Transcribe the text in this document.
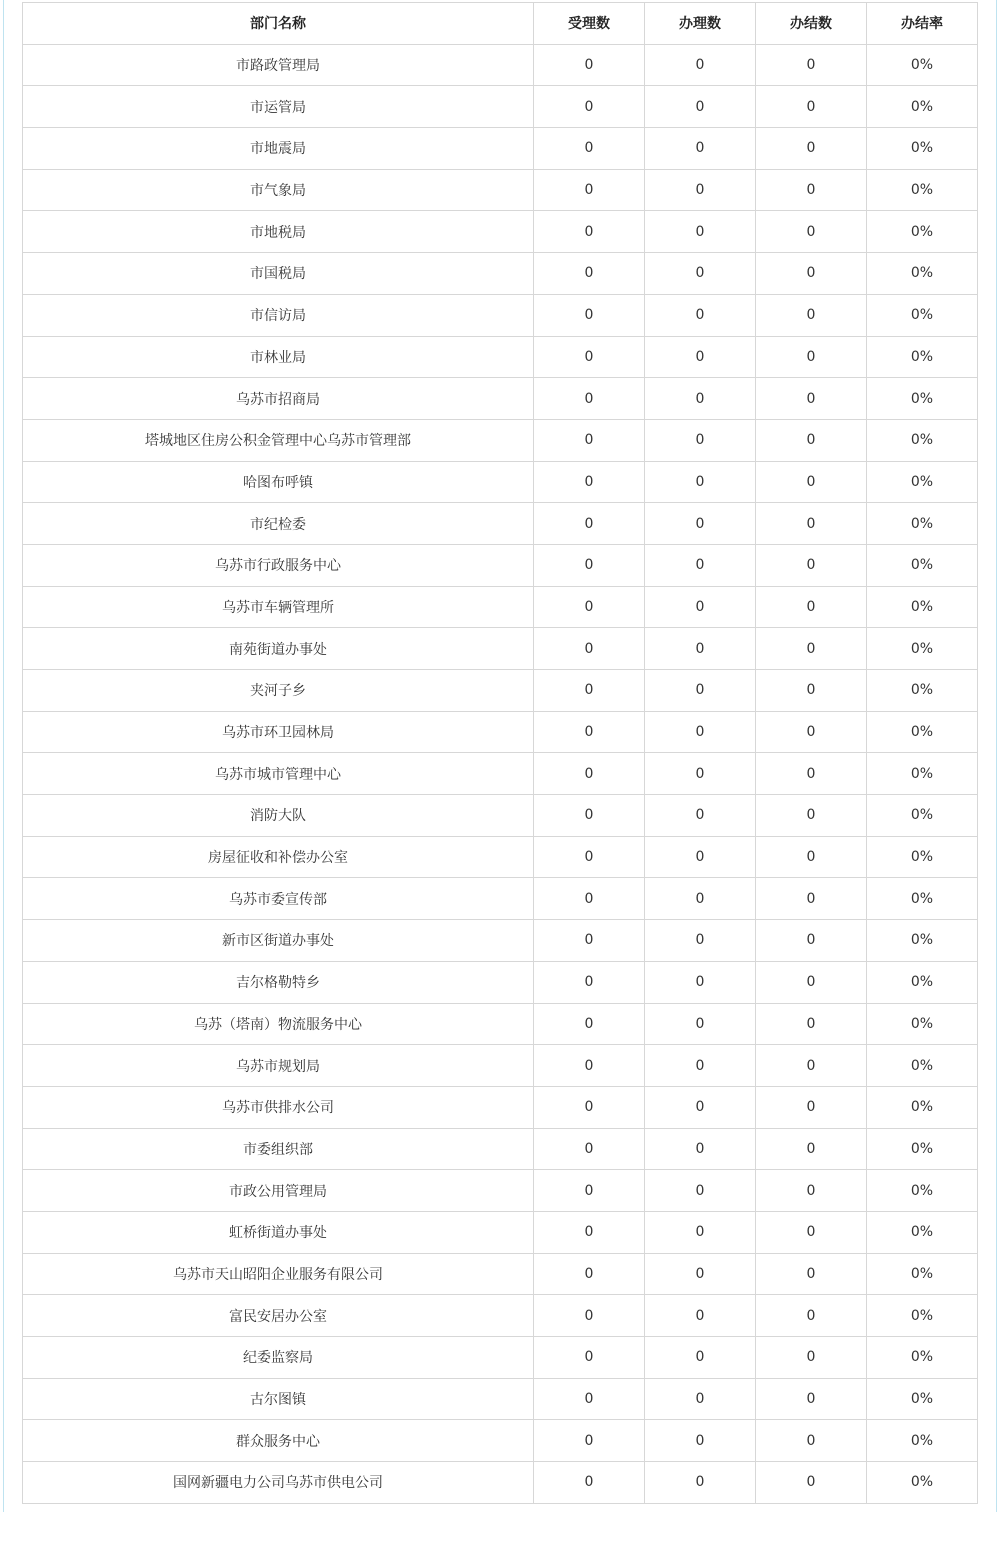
部门名称	受理数	办理数	办结数	办结率
市路政管理局	0	0	0	0%
市运管局	0	0	0	0%
市地震局	0	0	0	0%
市气象局	0	0	0	0%
市地税局	0	0	0	0%
市国税局	0	0	0	0%
市信访局	0	0	0	0%
市林业局	0	0	0	0%
乌苏市招商局	0	0	0	0%
塔城地区住房公积金管理中心乌苏市管理部	0	0	0	0%
哈图布呼镇	0	0	0	0%
市纪检委	0	0	0	0%
乌苏市行政服务中心	0	0	0	0%
乌苏市车辆管理所	0	0	0	0%
南苑街道办事处	0	0	0	0%
夹河子乡	0	0	0	0%
乌苏市环卫园林局	0	0	0	0%
乌苏市城市管理中心	0	0	0	0%
消防大队	0	0	0	0%
房屋征收和补偿办公室	0	0	0	0%
乌苏市委宣传部	0	0	0	0%
新市区街道办事处	0	0	0	0%
吉尔格勒特乡	0	0	0	0%
乌苏（塔南）物流服务中心	0	0	0	0%
乌苏市规划局	0	0	0	0%
乌苏市供排水公司	0	0	0	0%
市委组织部	0	0	0	0%
市政公用管理局	0	0	0	0%
虹桥街道办事处	0	0	0	0%
乌苏市天山昭阳企业服务有限公司	0	0	0	0%
富民安居办公室	0	0	0	0%
纪委监察局	0	0	0	0%
古尔图镇	0	0	0	0%
群众服务中心	0	0	0	0%
国网新疆电力公司乌苏市供电公司	0	0	0	0%
